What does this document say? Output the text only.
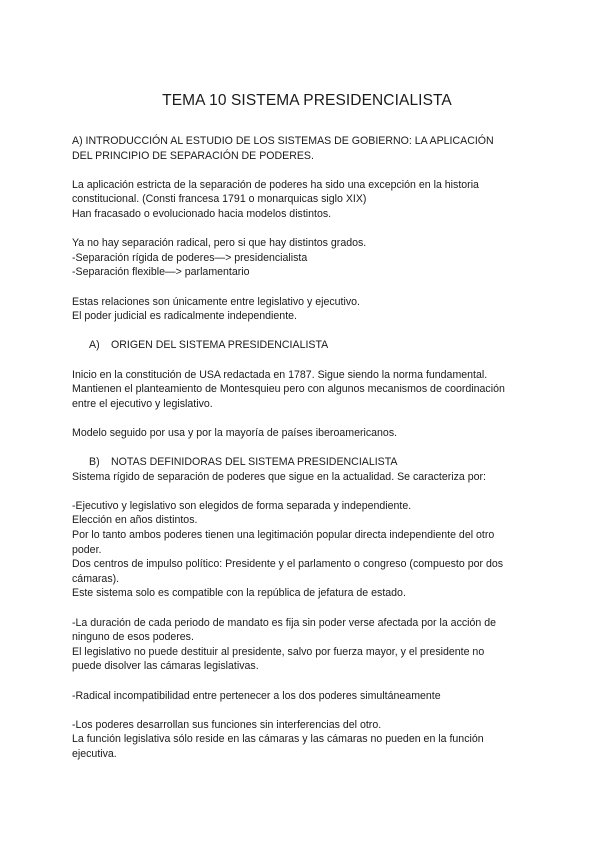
TEMA 10 SISTEMA PRESIDENCIALISTA
A) INTRODUCCIÓN AL ESTUDIO DE LOS SISTEMAS DE GOBIERNO: LA APLICACIÓN
DEL PRINCIPIO DE SEPARACIÓN DE PODERES.
La aplicación estricta de la separación de poderes ha sido una excepción en la historia
constitucional. (Consti francesa 1791 o monarquicas siglo XIX)
Han fracasado o evolucionado hacia modelos distintos.
Ya no hay separación radical, pero si que hay distintos grados.
-Separación rígida de poderes—> presidencialista
-Separación flexible—> parlamentario
Estas relaciones son únicamente entre legislativo y ejecutivo.
El poder judicial es radicalmente independiente.
A) ORIGEN DEL SISTEMA PRESIDENCIALISTA
Inicio en la constitución de USA redactada en 1787. Sigue siendo la norma fundamental.
Mantienen el planteamiento de Montesquieu pero con algunos mecanismos de coordinación
entre el ejecutivo y legislativo.
Modelo seguido por usa y por la mayoría de países iberoamericanos.
B) NOTAS DEFINIDORAS DEL SISTEMA PRESIDENCIALISTA
Sistema rígido de separación de poderes que sigue en la actualidad. Se caracteriza por:
-Ejecutivo y legislativo son elegidos de forma separada y independiente.
Elección en años distintos.
Por lo tanto ambos poderes tienen una legitimación popular directa independiente del otro
poder.
Dos centros de impulso político: Presidente y el parlamento o congreso (compuesto por dos
cámaras).
Este sistema solo es compatible con la república de jefatura de estado.
-La duración de cada periodo de mandato es fija sin poder verse afectada por la acción de
ninguno de esos poderes.
El legislativo no puede destituir al presidente, salvo por fuerza mayor, y el presidente no
puede disolver las cámaras legislativas.
-Radical incompatibilidad entre pertenecer a los dos poderes simultáneamente
-Los poderes desarrollan sus funciones sin interferencias del otro.
La función legislativa sólo reside en las cámaras y las cámaras no pueden en la función
ejecutiva.
